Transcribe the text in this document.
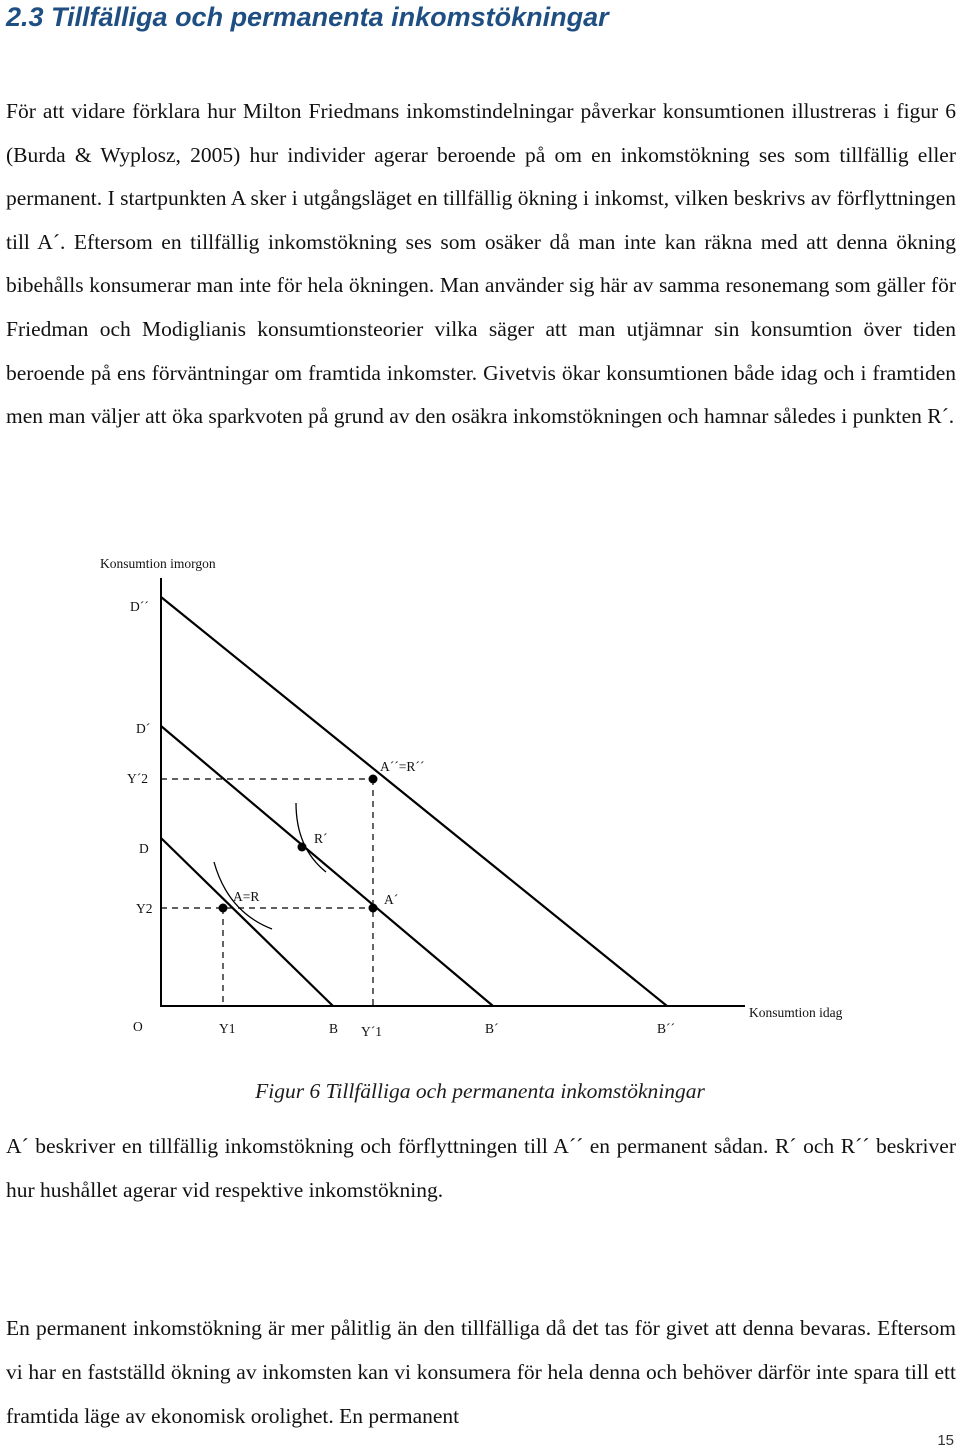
2.3 Tillfälliga och permanenta inkomstökningar

För att vidare förklara hur Milton Friedmans inkomstindelningar påverkar konsumtionen illustreras i figur 6 (Burda & Wyplosz, 2005) hur individer agerar beroende på om en inkomstökning ses som tillfällig eller permanent. I startpunkten A sker i utgångsläget en tillfällig ökning i inkomst, vilken beskrivs av förflyttningen till A´. Eftersom en tillfällig inkomstökning ses som osäker då man inte kan räkna med att denna ökning bibehålls konsumerar man inte för hela ökningen. Man använder sig här av samma resonemang som gäller för Friedman och Modiglianis konsumtionsteorier vilka säger att man utjämnar sin konsumtion över tiden beroende på ens förväntningar om framtida inkomster. Givetvis ökar konsumtionen både idag och i framtiden men man väljer att öka sparkvoten på grund av den osäkra inkomstökningen och hamnar således i punkten R´.

Konsumtion imorgon
Konsumtion idag
D´´
D´
Y´2
D
Y2
O	Y1	B Y´1	B´	B´´
A=R
R´
A´
A´´=R´´

Figur 6 Tillfälliga och permanenta inkomstökningar

A´ beskriver en tillfällig inkomstökning och förflyttningen till A´´ en permanent sådan. R´ och R´´ beskriver hur hushållet agerar vid respektive inkomstökning.

En permanent inkomstökning är mer pålitlig än den tillfälliga då det tas för givet att denna bevaras. Eftersom vi har en fastställd ökning av inkomsten kan vi konsumera för hela denna och behöver därför inte spara till ett framtida läge av ekonomisk orolighet. En permanent

15
